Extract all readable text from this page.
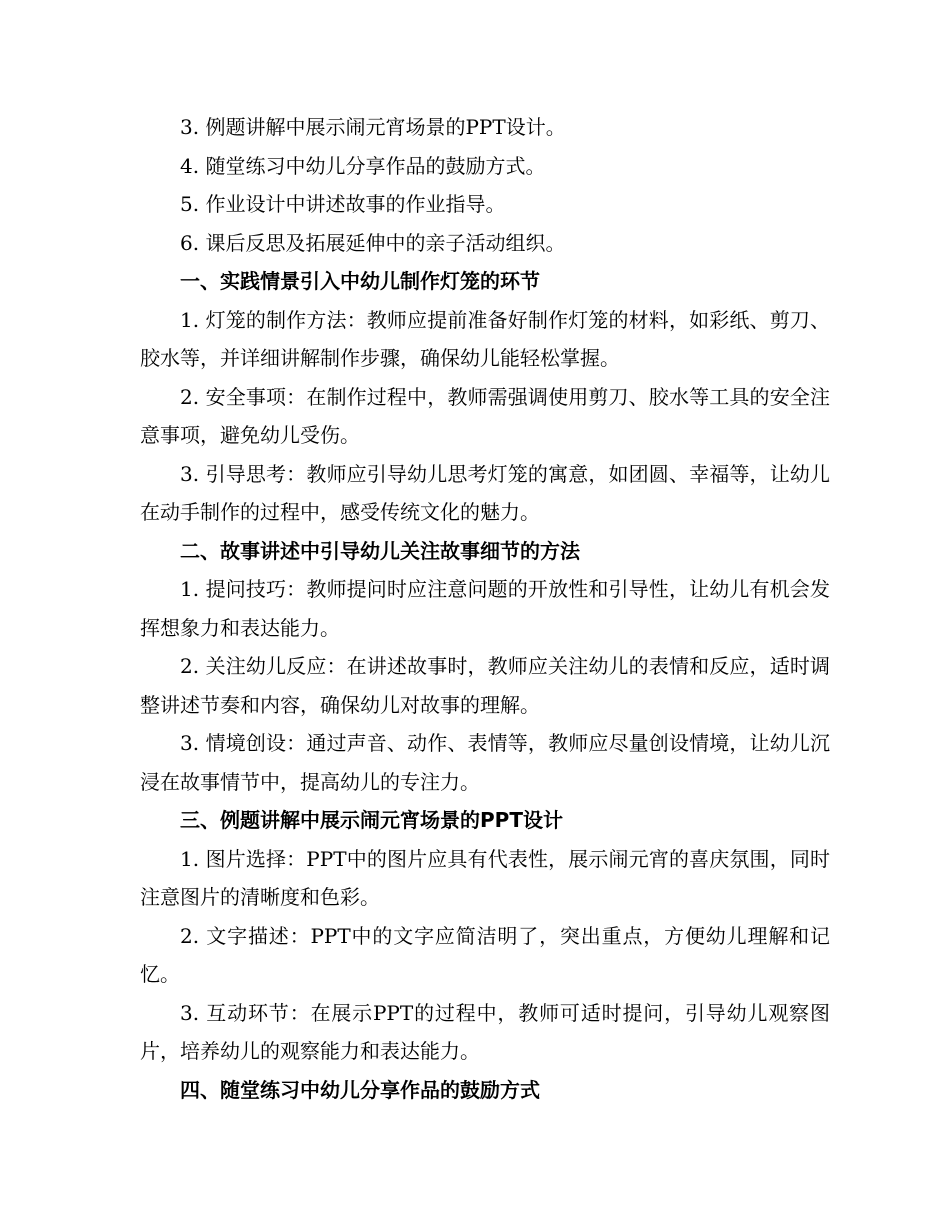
3. 例题讲解中展示闹元宵场景的PPT设计。

4. 随堂练习中幼儿分享作品的鼓励方式。

5. 作业设计中讲述故事的作业指导。

6. 课后反思及拓展延伸中的亲子活动组织。

一、实践情景引入中幼儿制作灯笼的环节

1. 灯笼的制作方法：教师应提前准备好制作灯笼的材料，如彩纸、剪刀、胶水等，并详细讲解制作步骤，确保幼儿能轻松掌握。

2. 安全事项：在制作过程中，教师需强调使用剪刀、胶水等工具的安全注意事项，避免幼儿受伤。

3. 引导思考：教师应引导幼儿思考灯笼的寓意，如团圆、幸福等，让幼儿在动手制作的过程中，感受传统文化的魅力。

二、故事讲述中引导幼儿关注故事细节的方法

1. 提问技巧：教师提问时应注意问题的开放性和引导性，让幼儿有机会发挥想象力和表达能力。

2. 关注幼儿反应：在讲述故事时，教师应关注幼儿的表情和反应，适时调整讲述节奏和内容，确保幼儿对故事的理解。

3. 情境创设：通过声音、动作、表情等，教师应尽量创设情境，让幼儿沉浸在故事情节中，提高幼儿的专注力。

三、例题讲解中展示闹元宵场景的PPT设计

1. 图片选择：PPT中的图片应具有代表性，展示闹元宵的喜庆氛围，同时注意图片的清晰度和色彩。

2. 文字描述：PPT中的文字应简洁明了，突出重点，方便幼儿理解和记忆。

3. 互动环节：在展示PPT的过程中，教师可适时提问，引导幼儿观察图片，培养幼儿的观察能力和表达能力。

四、随堂练习中幼儿分享作品的鼓励方式
